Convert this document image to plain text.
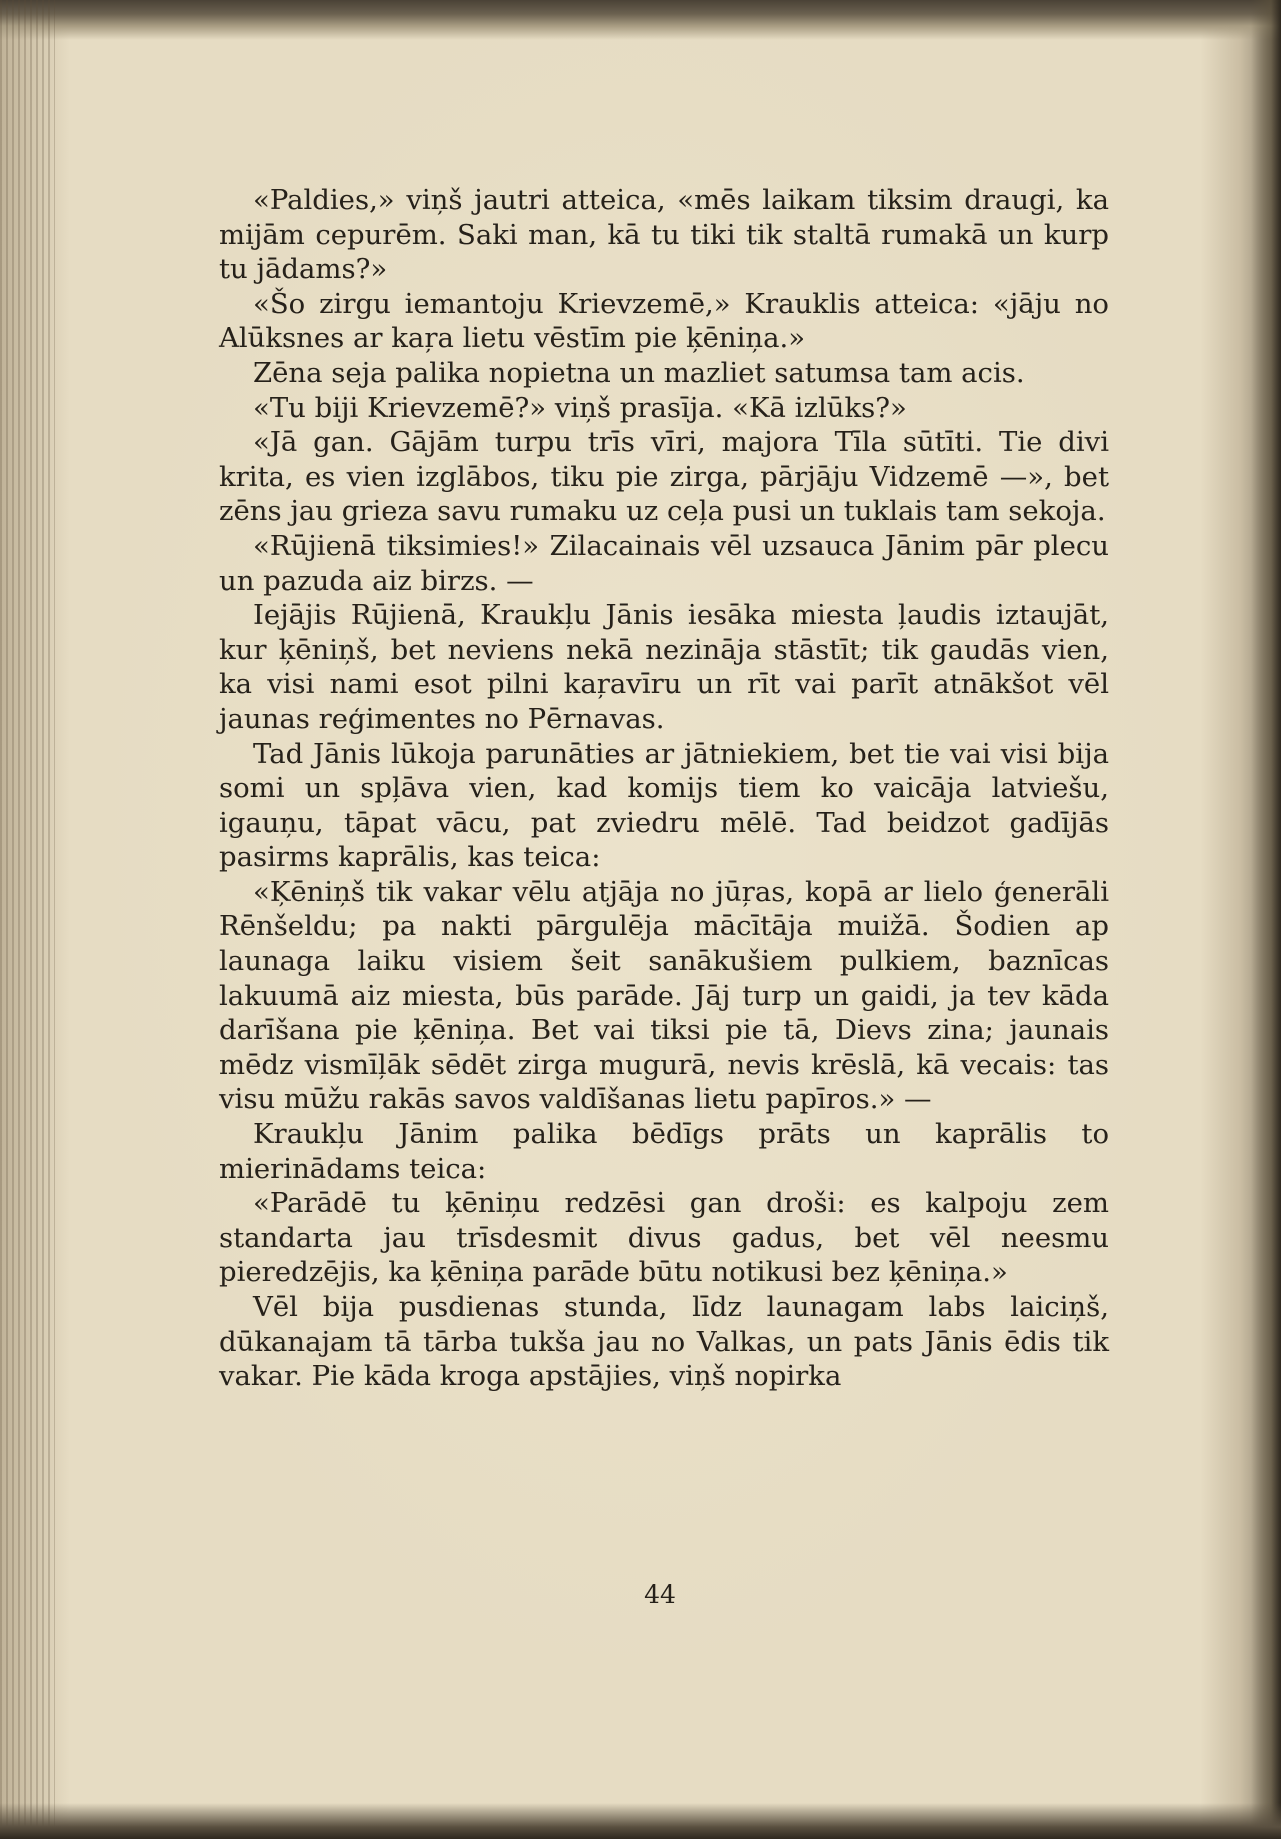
«Paldies,» viņš jautri atteica, «mēs laikam tiksim draugi, ka mijām cepurēm. Saki man, kā tu tiki tik staltā rumakā un kurp tu jādams?»

«Šo zirgu iemantoju Krievzemē,» Krauklis atteica: «jāju no Alūksnes ar kaŗa lietu vēstīm pie ķēniņa.»

Zēna seja palika nopietna un mazliet satumsa tam acis.

«Tu biji Krievzemē?» viņš prasīja. «Kā izlūks?»

«Jā gan. Gājām turpu trīs vīri, majora Tīla sūtīti. Tie divi krita, es vien izglābos, tiku pie zirga, pārjāju Vidzemē —», bet zēns jau grieza savu rumaku uz ceļa pusi un tuklais tam sekoja.

«Rūjienā tiksimies!» Zilacainais vēl uzsauca Jānim pār plecu un pazuda aiz birzs. —

Iejājis Rūjienā, Kraukļu Jānis iesāka miesta ļaudis iztaujāt, kur ķēniņš, bet neviens nekā nezināja stāstīt; tik gaudās vien, ka visi nami esot pilni kaŗavīru un rīt vai parīt atnākšot vēl jaunas reģimentes no Pērnavas.

Tad Jānis lūkoja parunāties ar jātniekiem, bet tie vai visi bija somi un spļāva vien, kad komijs tiem ko vaicāja latviešu, igauņu, tāpat vācu, pat zviedru mēlē. Tad beidzot gadījās pasirms kaprālis, kas teica:

«Ķēniņš tik vakar vēlu atjāja no jūŗas, kopā ar lielo ģenerāli Rēnšeldu; pa nakti pārgulēja mācītāja muižā. Šodien ap launaga laiku visiem šeit sanākušiem pulkiem, baznīcas lakuumā aiz miesta, būs parāde. Jāj turp un gaidi, ja tev kāda darīšana pie ķēniņa. Bet vai tiksi pie tā, Dievs zina; jaunais mēdz vismīļāk sēdēt zirga mugurā, nevis krēslā, kā vecais: tas visu mūžu rakās savos valdīšanas lietu papīros.» —

Kraukļu Jānim palika bēdīgs prāts un kaprālis to mierinādams teica:

«Parādē tu ķēniņu redzēsi gan droši: es kalpoju zem standarta jau trīsdesmit divus gadus, bet vēl neesmu pieredzējis, ka ķēniņa parāde būtu notikusi bez ķēniņa.»

Vēl bija pusdienas stunda, līdz launagam labs laiciņš, dūkanajam tā tārba tukša jau no Valkas, un pats Jānis ēdis tik vakar. Pie kāda kroga apstājies, viņš nopirka

44
